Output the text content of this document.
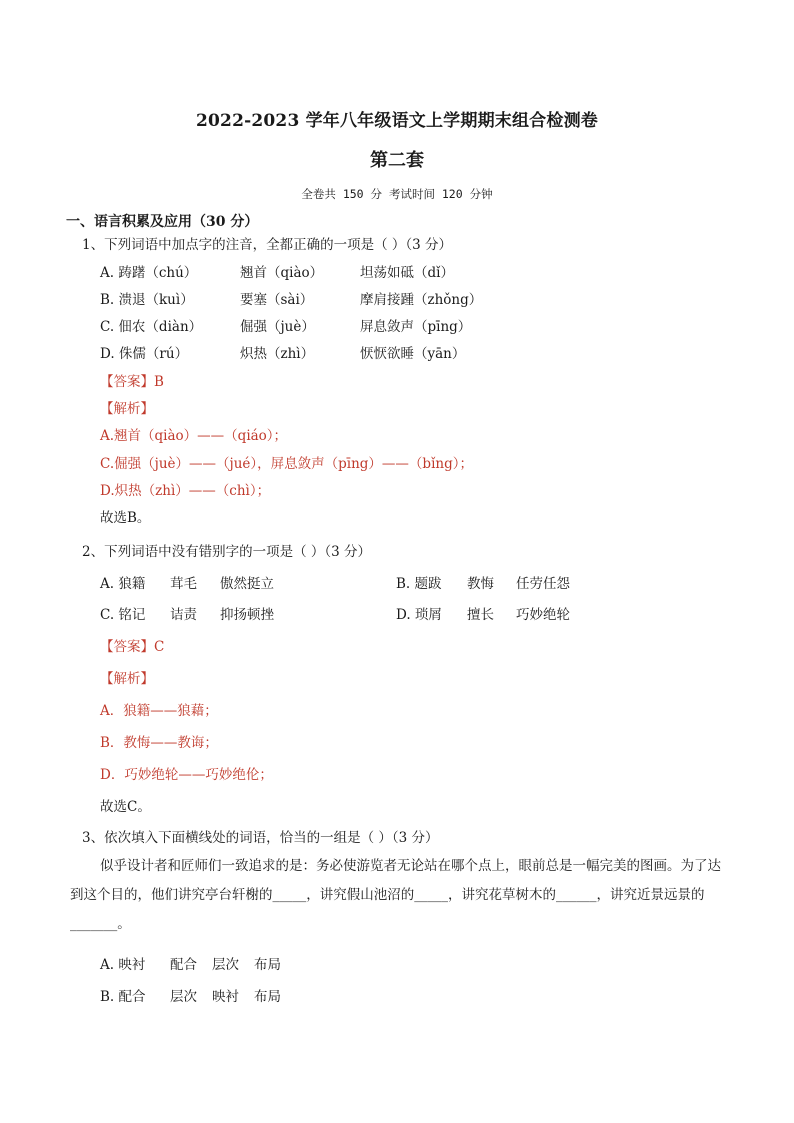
2022-2023 学年八年级语文上学期期末组合检测卷
第二套
全卷共 150 分 考试时间 120 分钟
一、语言积累及应用（30 分）
1、下列词语中加点字的注音，全都正确的一项是（ ）（3 分）
A. 踌躇（chú）	翘首（qiào）	坦荡如砥（dǐ）
B. 溃退（kuì）	要塞（sài）	摩肩接踵（zhǒng）
C. 佃农（diàn）	倔强（juè）	屏息敛声（pīng）
D. 侏儒（rú）	炽热（zhì）	恹恹欲睡（yān）
【答案】B
【解析】
A.翘首（qiào）——（qiáo）；
C.倔强（juè）——（jué），屏息敛声（pīng）——（bǐng）；
D.炽热（zhì）——（chì）；
故选B。
2、下列词语中没有错别字的一项是（ ）（3 分）
A. 狼籍 茸毛 傲然挺立	B. 题跋 教悔 任劳任怨
C. 铭记 诘责 抑扬顿挫	D. 琐屑 擅长 巧妙绝轮
【答案】C
【解析】
A．狼籍——狼藉；
B．教悔——教诲；
D．巧妙绝轮——巧妙绝伦；
故选C。
3、依次填入下面横线处的词语，恰当的一组是（ ）（3 分）
似乎设计者和匠师们一致追求的是：务必使游览者无论站在哪个点上，眼前总是一幅完美的图画。为了达到这个目的，他们讲究亭台轩榭的_____，讲究假山池沼的_____，讲究花草树木的______，讲究近景远景的_______。
A. 映衬 配合 层次 布局
B. 配合 层次 映衬 布局
